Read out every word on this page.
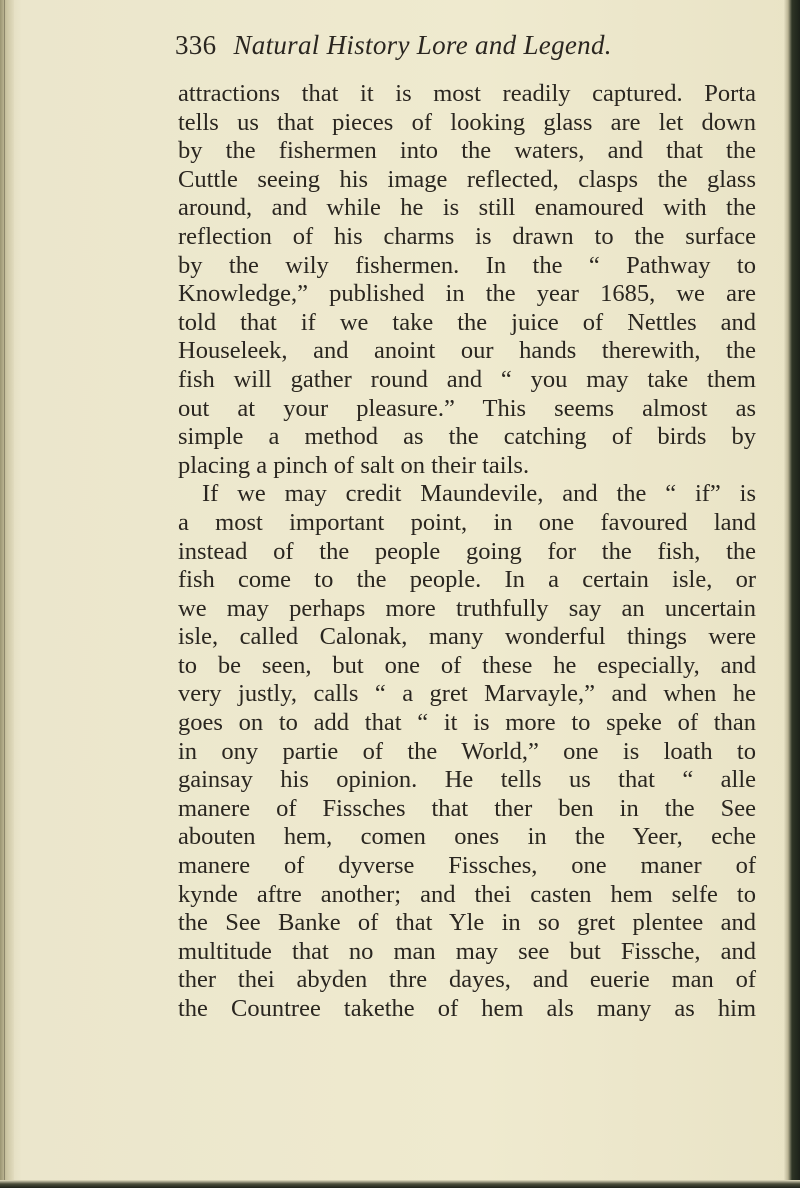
336 Natural History Lore and Legend.
attractions that it is most readily captured. Porta
tells us that pieces of looking glass are let down
by the fishermen into the waters, and that the
Cuttle seeing his image reflected, clasps the glass
around, and while he is still enamoured with the
reflection of his charms is drawn to the surface
by the wily fishermen. In the “ Pathway to
Knowledge,” published in the year 1685, we are
told that if we take the juice of Nettles and
Houseleek, and anoint our hands therewith, the
fish will gather round and “ you may take them
out at your pleasure.” This seems almost as
simple a method as the catching of birds by
placing a pinch of salt on their tails.
If we may credit Maundevile, and the “ if” is
a most important point, in one favoured land
instead of the people going for the fish, the
fish come to the people. In a certain isle, or
we may perhaps more truthfully say an uncertain
isle, called Calonak, many wonderful things were
to be seen, but one of these he especially, and
very justly, calls “ a gret Marvayle,” and when he
goes on to add that “ it is more to speke of than
in ony partie of the World,” one is loath to
gainsay his opinion. He tells us that “ alle
manere of Fissches that ther ben in the See
abouten hem, comen ones in the Yeer, eche
manere of dyverse Fissches, one maner of
kynde aftre another; and thei casten hem selfe to
the See Banke of that Yle in so gret plentee and
multitude that no man may see but Fissche, and
ther thei abyden thre dayes, and euerie man of
the Countree takethe of hem als many as him
